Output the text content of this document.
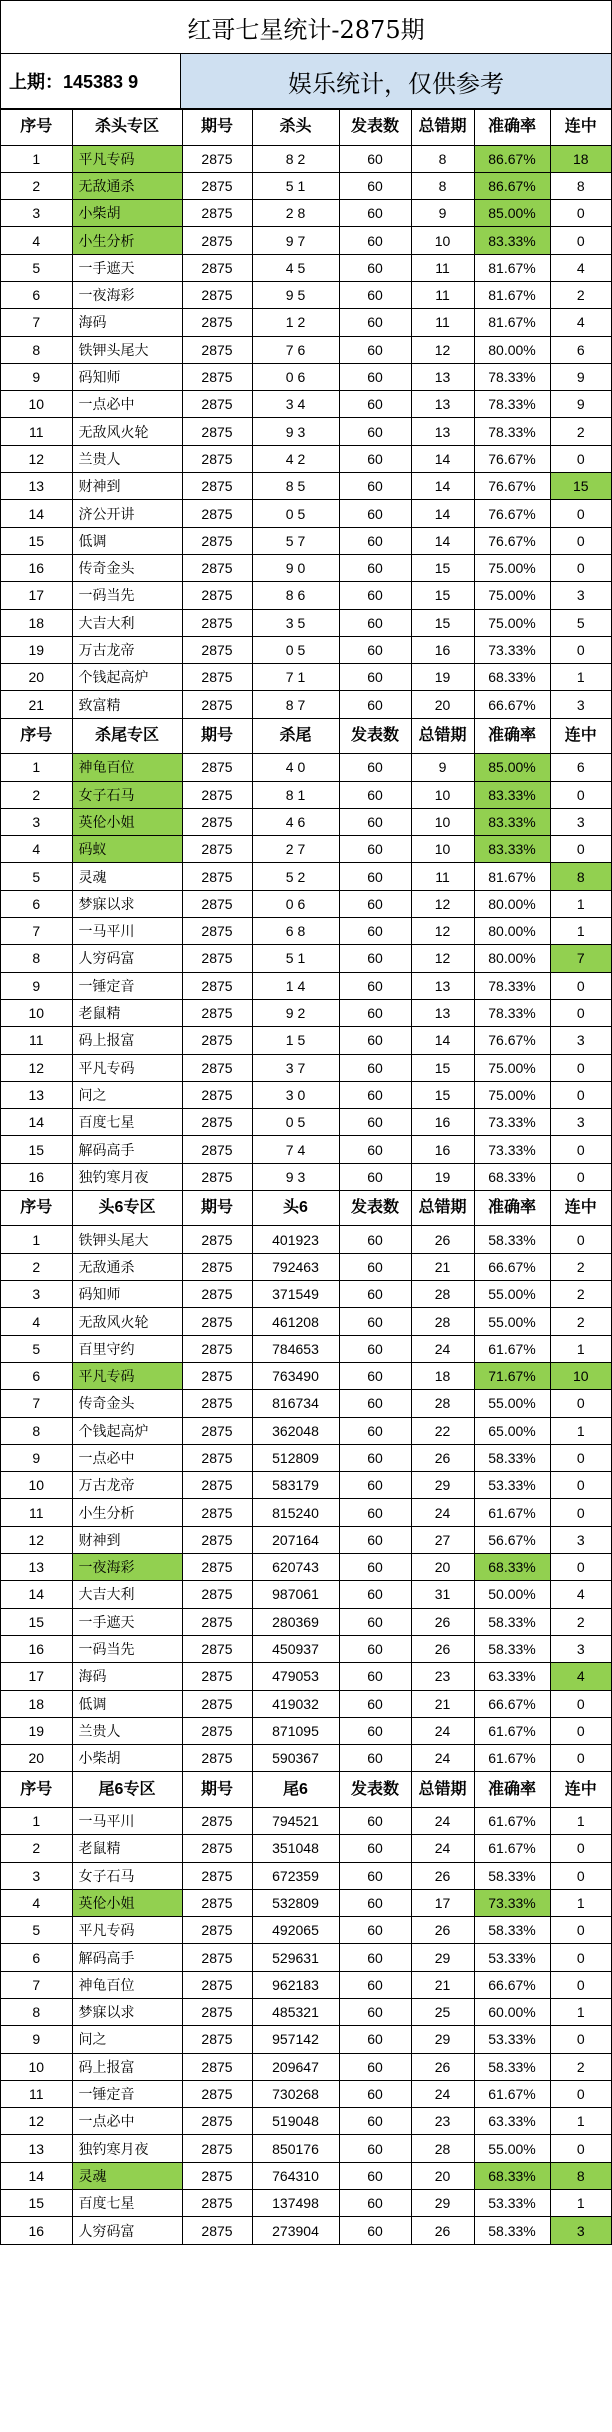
红哥七星统计-2875期
上期：145383 9	娱乐统计，仅供参考
序号	杀头专区	期号	杀头	发表数	总错期	准确率	连中
1	平凡专码	2875	8 2	60	8	86.67%	18
2	无敌通杀	2875	5 1	60	8	86.67%	8
3	小柴胡	2875	2 8	60	9	85.00%	0
4	小生分析	2875	9 7	60	10	83.33%	0
5	一手遮天	2875	4 5	60	11	81.67%	4
6	一夜海彩	2875	9 5	60	11	81.67%	2
7	海码	2875	1 2	60	11	81.67%	4
8	铁钾头尾大	2875	7 6	60	12	80.00%	6
9	码知师	2875	0 6	60	13	78.33%	9
10	一点必中	2875	3 4	60	13	78.33%	9
11	无敌风火轮	2875	9 3	60	13	78.33%	2
12	兰贵人	2875	4 2	60	14	76.67%	0
13	财神到	2875	8 5	60	14	76.67%	15
14	济公开讲	2875	0 5	60	14	76.67%	0
15	低调	2875	5 7	60	14	76.67%	0
16	传奇金头	2875	9 0	60	15	75.00%	0
17	一码当先	2875	8 6	60	15	75.00%	3
18	大吉大利	2875	3 5	60	15	75.00%	5
19	万古龙帝	2875	0 5	60	16	73.33%	0
20	个钱起高炉	2875	7 1	60	19	68.33%	1
21	致富精	2875	8 7	60	20	66.67%	3
序号	杀尾专区	期号	杀尾	发表数	总错期	准确率	连中
1	神龟百位	2875	4 0	60	9	85.00%	6
2	女子石马	2875	8 1	60	10	83.33%	0
3	英伦小姐	2875	4 6	60	10	83.33%	3
4	码蚁	2875	2 7	60	10	83.33%	0
5	灵魂	2875	5 2	60	11	81.67%	8
6	梦寐以求	2875	0 6	60	12	80.00%	1
7	一马平川	2875	6 8	60	12	80.00%	1
8	人穷码富	2875	5 1	60	12	80.00%	7
9	一锤定音	2875	1 4	60	13	78.33%	0
10	老鼠精	2875	9 2	60	13	78.33%	0
11	码上报富	2875	1 5	60	14	76.67%	3
12	平凡专码	2875	3 7	60	15	75.00%	0
13	问之	2875	3 0	60	15	75.00%	0
14	百度七星	2875	0 5	60	16	73.33%	3
15	解码高手	2875	7 4	60	16	73.33%	0
16	独钓寒月夜	2875	9 3	60	19	68.33%	0
序号	头6专区	期号	头6	发表数	总错期	准确率	连中
1	铁钾头尾大	2875	401923	60	26	58.33%	0
2	无敌通杀	2875	792463	60	21	66.67%	2
3	码知师	2875	371549	60	28	55.00%	2
4	无敌风火轮	2875	461208	60	28	55.00%	2
5	百里守约	2875	784653	60	24	61.67%	1
6	平凡专码	2875	763490	60	18	71.67%	10
7	传奇金头	2875	816734	60	28	55.00%	0
8	个钱起高炉	2875	362048	60	22	65.00%	1
9	一点必中	2875	512809	60	26	58.33%	0
10	万古龙帝	2875	583179	60	29	53.33%	0
11	小生分析	2875	815240	60	24	61.67%	0
12	财神到	2875	207164	60	27	56.67%	3
13	一夜海彩	2875	620743	60	20	68.33%	0
14	大吉大利	2875	987061	60	31	50.00%	4
15	一手遮天	2875	280369	60	26	58.33%	2
16	一码当先	2875	450937	60	26	58.33%	3
17	海码	2875	479053	60	23	63.33%	4
18	低调	2875	419032	60	21	66.67%	0
19	兰贵人	2875	871095	60	24	61.67%	0
20	小柴胡	2875	590367	60	24	61.67%	0
序号	尾6专区	期号	尾6	发表数	总错期	准确率	连中
1	一马平川	2875	794521	60	24	61.67%	1
2	老鼠精	2875	351048	60	24	61.67%	0
3	女子石马	2875	672359	60	26	58.33%	0
4	英伦小姐	2875	532809	60	17	73.33%	1
5	平凡专码	2875	492065	60	26	58.33%	0
6	解码高手	2875	529631	60	29	53.33%	0
7	神龟百位	2875	962183	60	21	66.67%	0
8	梦寐以求	2875	485321	60	25	60.00%	1
9	问之	2875	957142	60	29	53.33%	0
10	码上报富	2875	209647	60	26	58.33%	2
11	一锤定音	2875	730268	60	24	61.67%	0
12	一点必中	2875	519048	60	23	63.33%	1
13	独钓寒月夜	2875	850176	60	28	55.00%	0
14	灵魂	2875	764310	60	20	68.33%	8
15	百度七星	2875	137498	60	29	53.33%	1
16	人穷码富	2875	273904	60	26	58.33%	3
